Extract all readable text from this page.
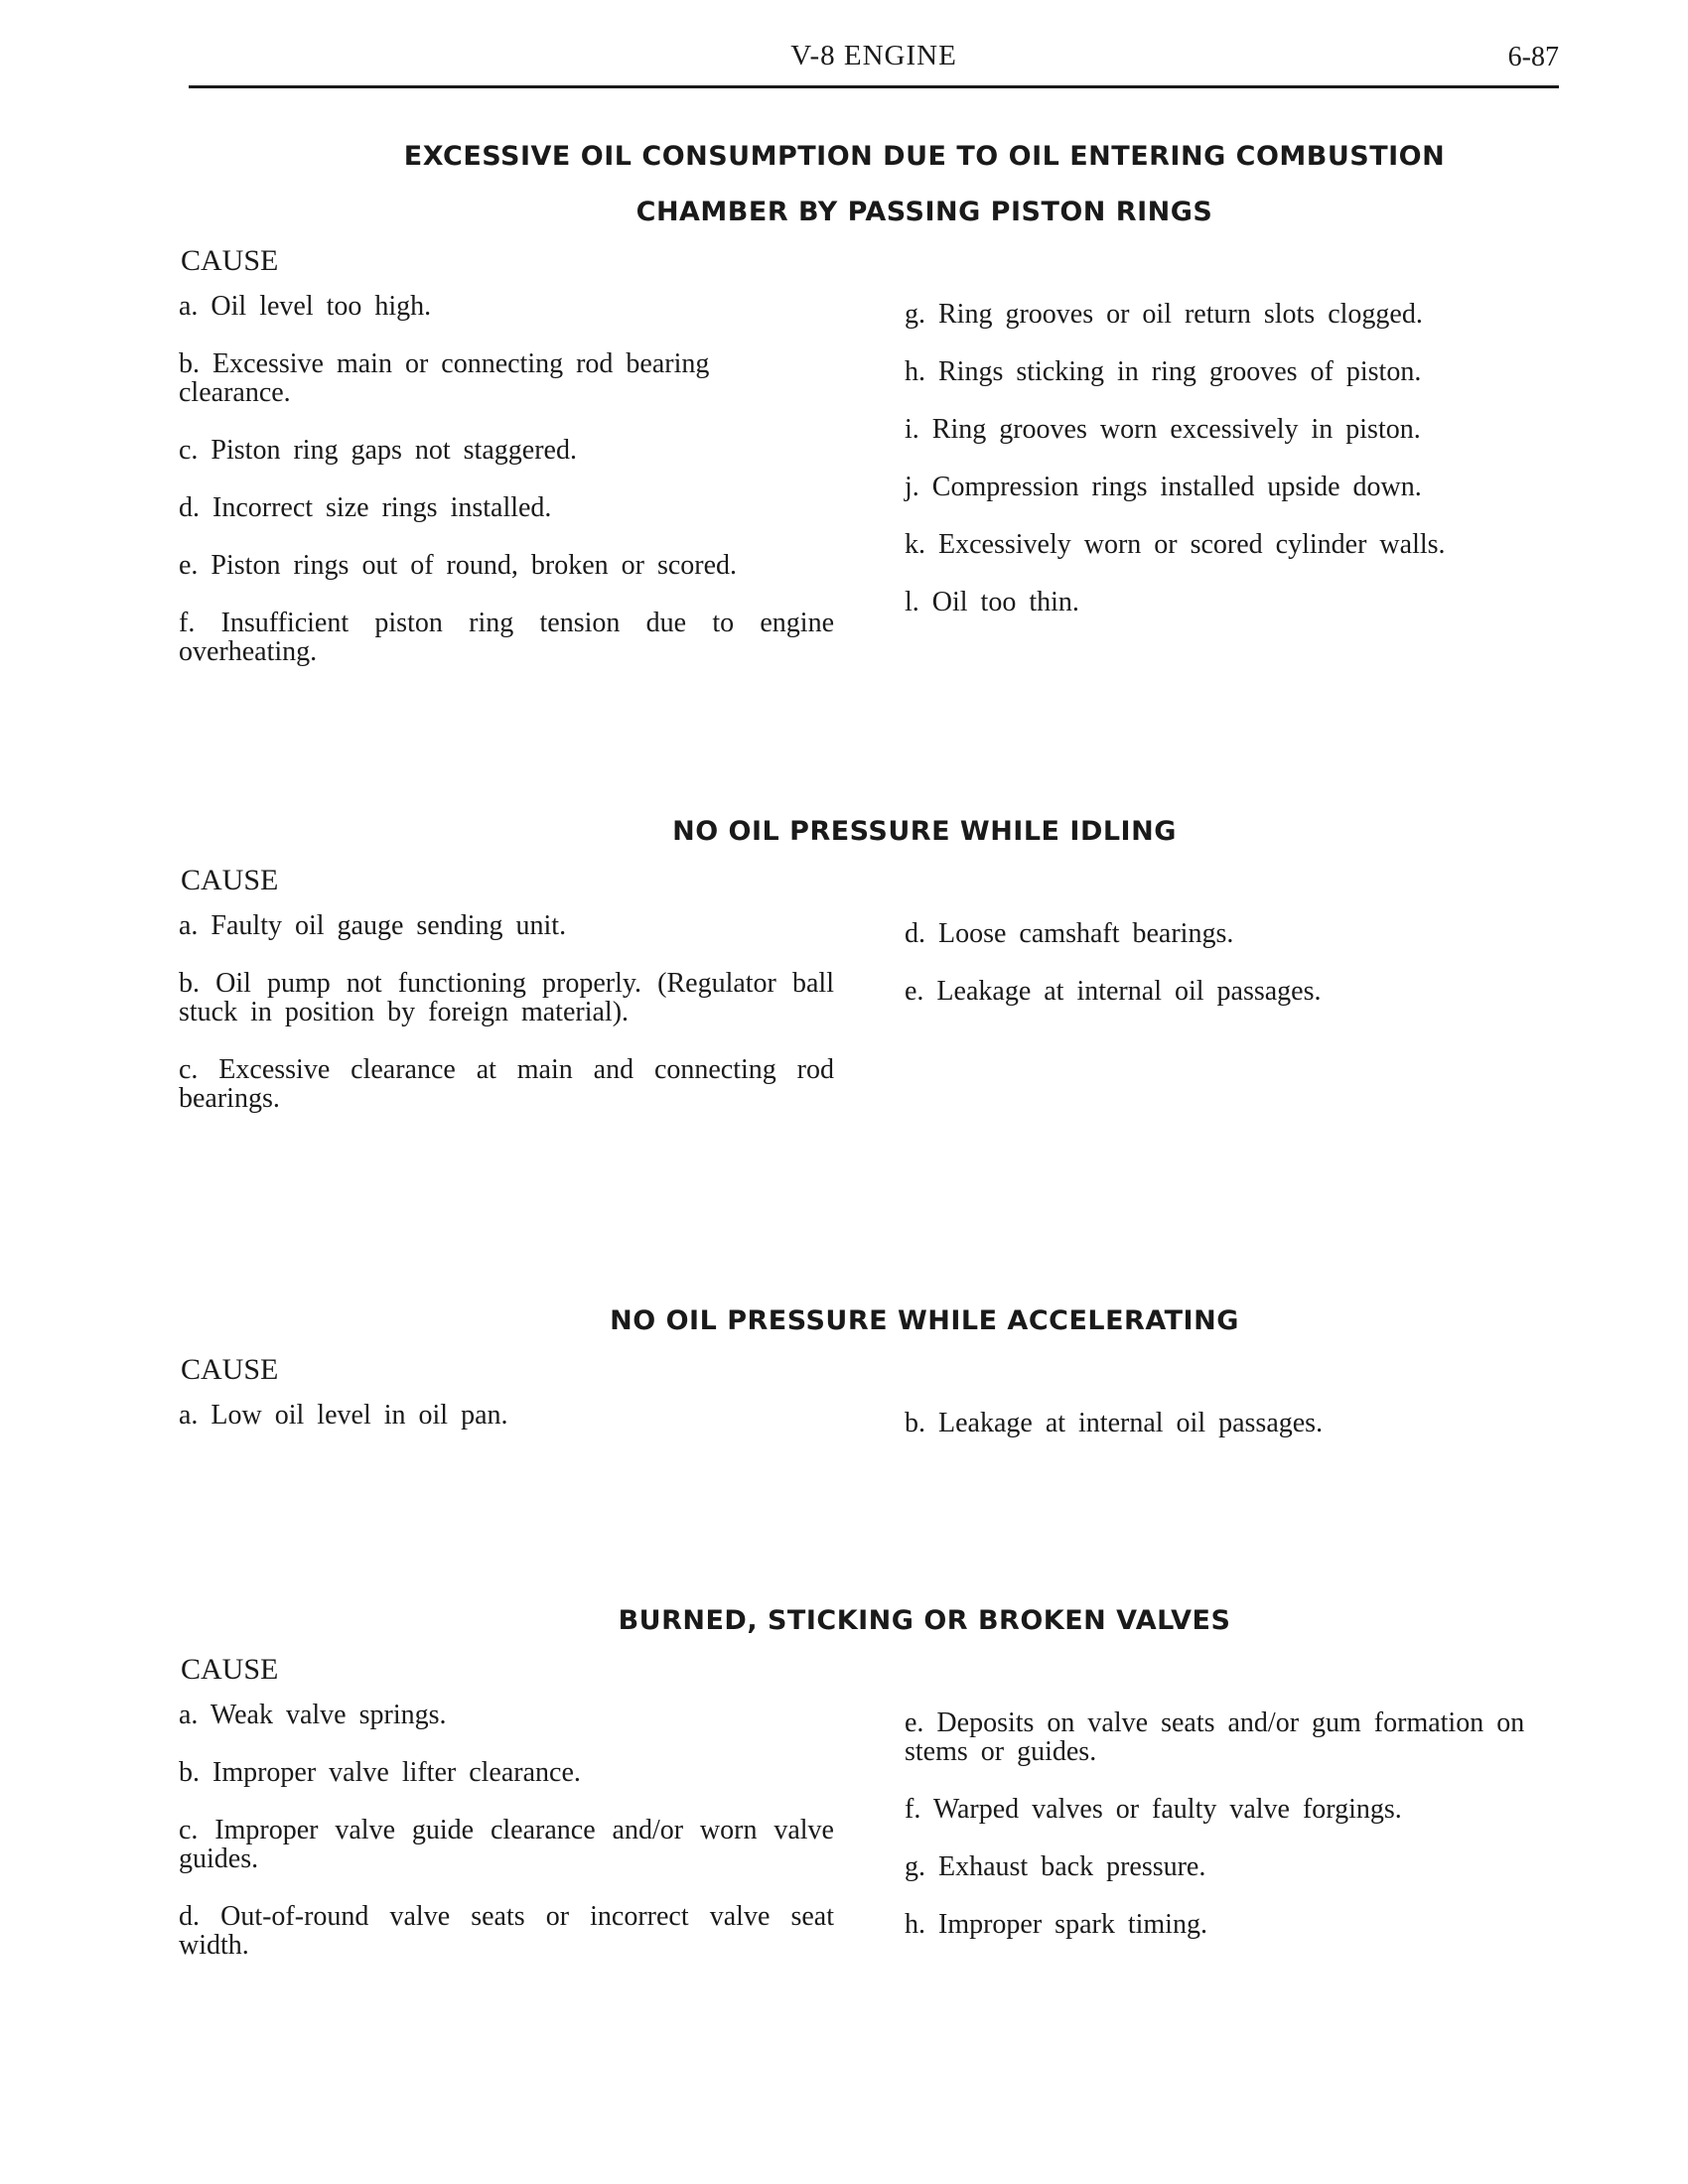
V-8 ENGINE	6-87
EXCESSIVE OIL CONSUMPTION DUE TO OIL ENTERING COMBUSTION
CHAMBER BY PASSING PISTON RINGS
CAUSE
a. Oil level too high.
b. Excessive main or connecting rod bearing clearance.
c. Piston ring gaps not staggered.
d. Incorrect size rings installed.
e. Piston rings out of round, broken or scored.
f. Insufficient piston ring tension due to engine overheating.
g. Ring grooves or oil return slots clogged.
h. Rings sticking in ring grooves of piston.
i. Ring grooves worn excessively in piston.
j. Compression rings installed upside down.
k. Excessively worn or scored cylinder walls.
l. Oil too thin.
NO OIL PRESSURE WHILE IDLING
CAUSE
a. Faulty oil gauge sending unit.
b. Oil pump not functioning properly. (Regulator ball stuck in position by foreign material).
c. Excessive clearance at main and connecting rod bearings.
d. Loose camshaft bearings.
e. Leakage at internal oil passages.
NO OIL PRESSURE WHILE ACCELERATING
CAUSE
a. Low oil level in oil pan.	b. Leakage at internal oil passages.
BURNED, STICKING OR BROKEN VALVES
CAUSE
a. Weak valve springs.
b. Improper valve lifter clearance.
c. Improper valve guide clearance and/or worn valve guides.
d. Out-of-round valve seats or incorrect valve seat width.
e. Deposits on valve seats and/or gum formation on stems or guides.
f. Warped valves or faulty valve forgings.
g. Exhaust back pressure.
h. Improper spark timing.
